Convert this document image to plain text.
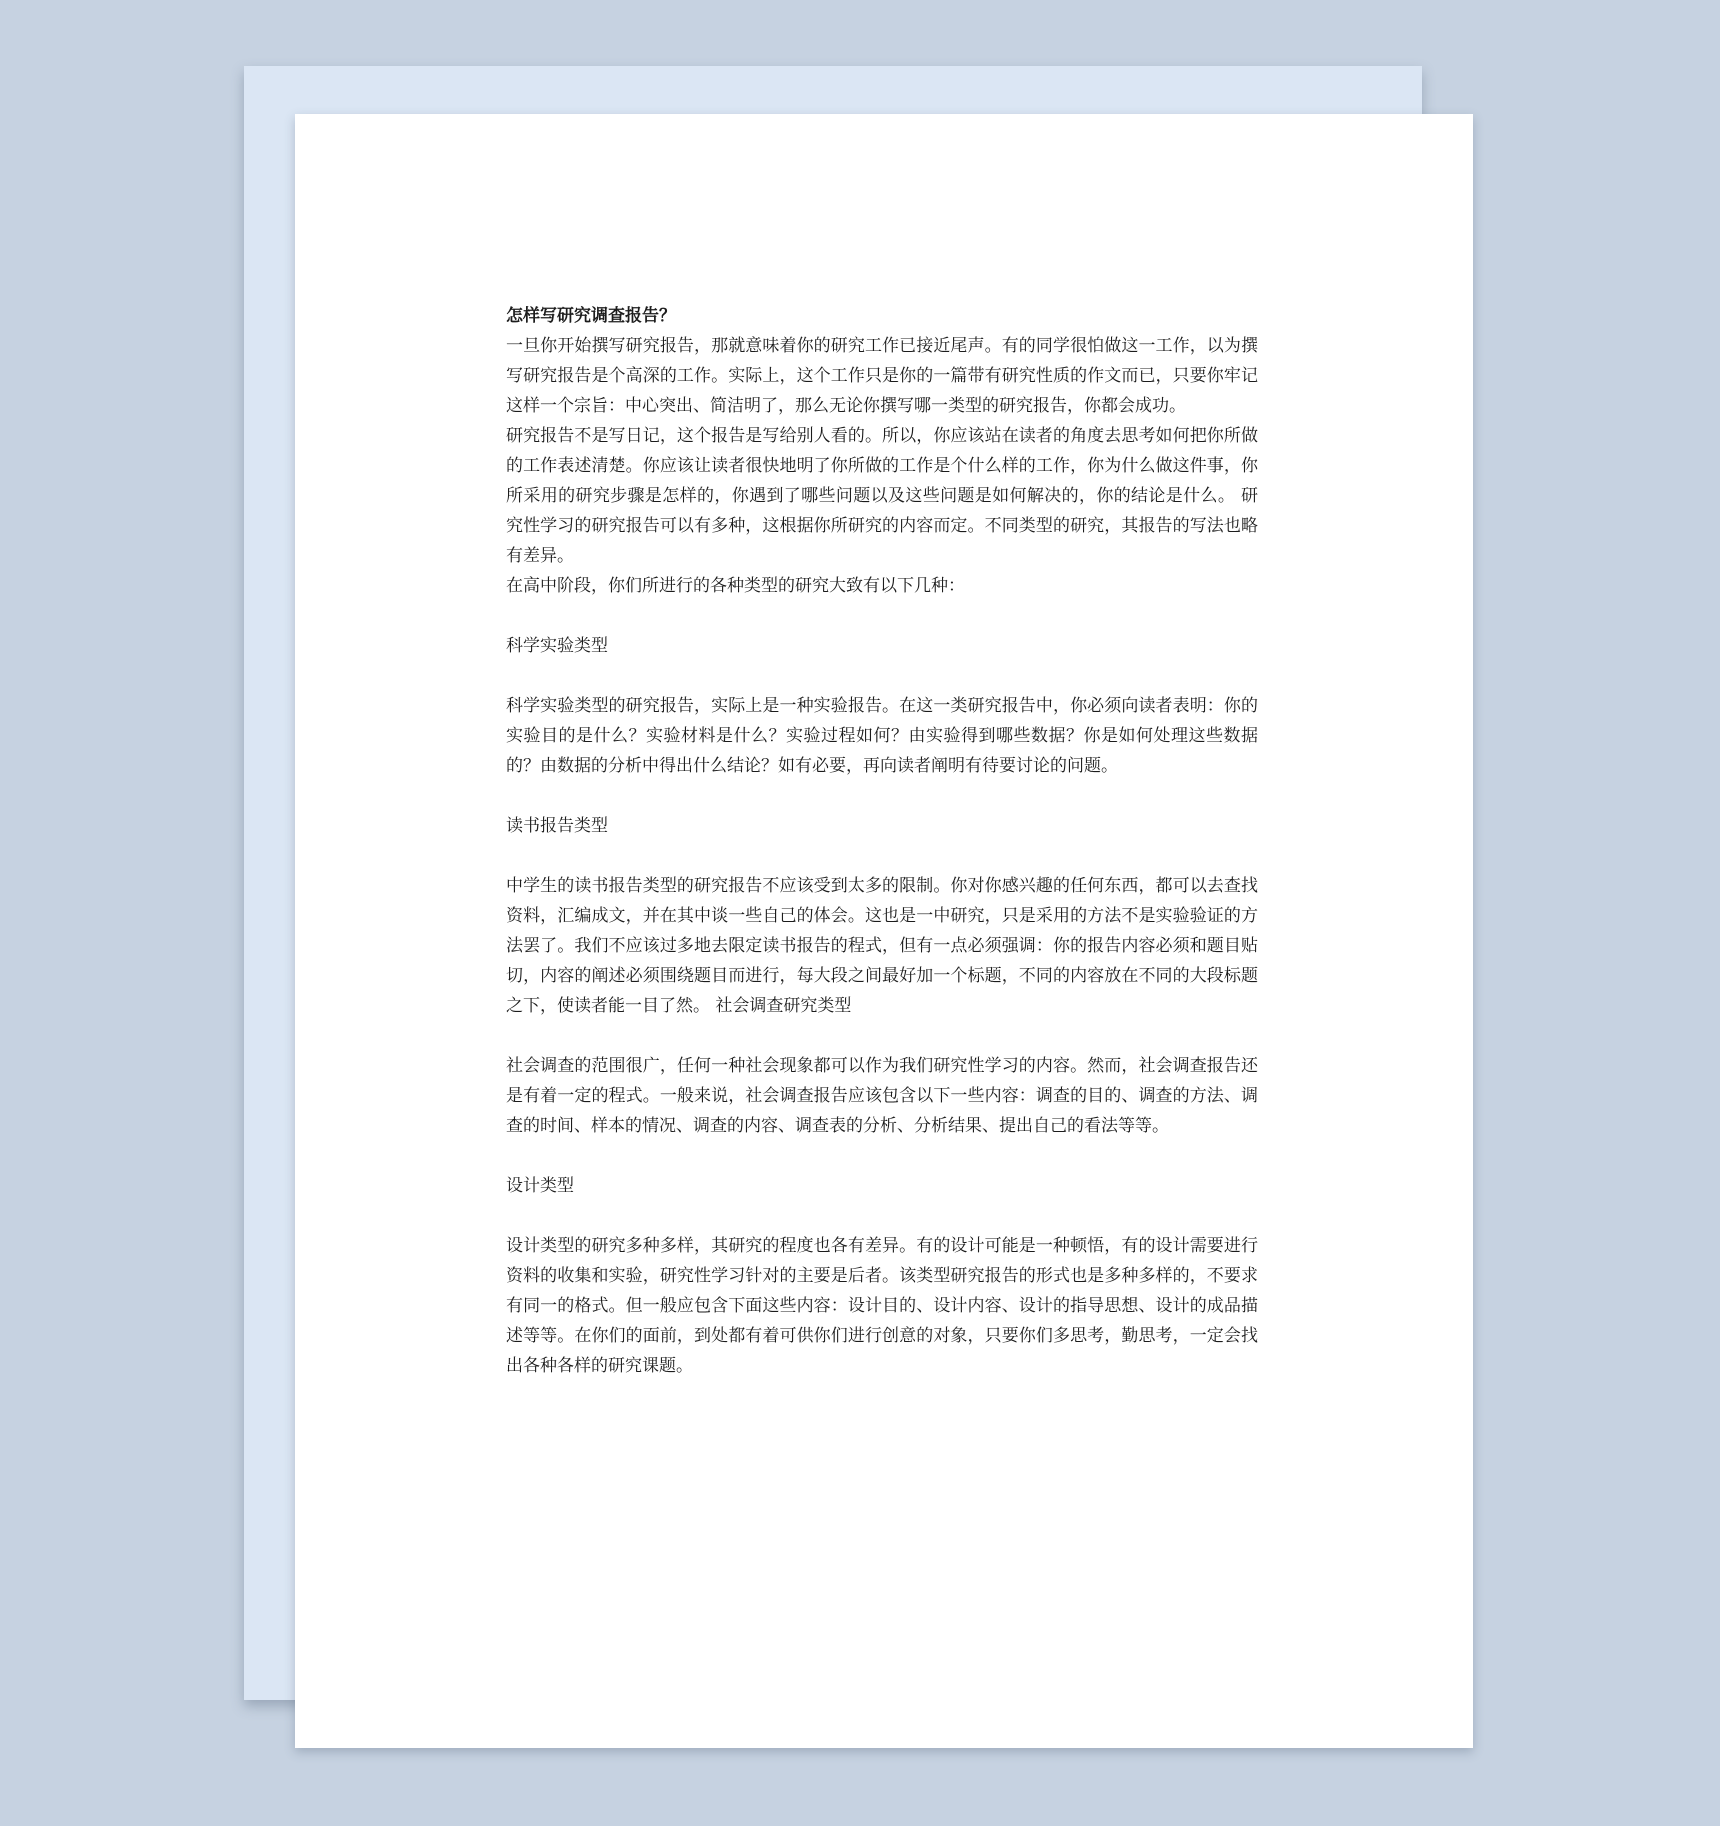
怎样写研究调查报告？

一旦你开始撰写研究报告，那就意味着你的研究工作已接近尾声。有的同学很怕做这一工作，以为撰写研究报告是个高深的工作。实际上，这个工作只是你的一篇带有研究性质的作文而已，只要你牢记这样一个宗旨：中心突出、简洁明了，那么无论你撰写哪一类型的研究报告，你都会成功。

研究报告不是写日记，这个报告是写给别人看的。所以，你应该站在读者的角度去思考如何把你所做的工作表述清楚。你应该让读者很快地明了你所做的工作是个什么样的工作，你为什么做这件事，你所采用的研究步骤是怎样的，你遇到了哪些问题以及这些问题是如何解决的，你的结论是什么。 研究性学习的研究报告可以有多种，这根据你所研究的内容而定。不同类型的研究，其报告的写法也略有差异。

在高中阶段，你们所进行的各种类型的研究大致有以下几种：

科学实验类型

科学实验类型的研究报告，实际上是一种实验报告。在这一类研究报告中，你必须向读者表明：你的实验目的是什么？实验材料是什么？实验过程如何？由实验得到哪些数据？你是如何处理这些数据的？由数据的分析中得出什么结论？如有必要，再向读者阐明有待要讨论的问题。

读书报告类型

中学生的读书报告类型的研究报告不应该受到太多的限制。你对你感兴趣的任何东西，都可以去查找资料，汇编成文，并在其中谈一些自己的体会。这也是一中研究，只是采用的方法不是实验验证的方法罢了。我们不应该过多地去限定读书报告的程式，但有一点必须强调：你的报告内容必须和题目贴切，内容的阐述必须围绕题目而进行，每大段之间最好加一个标题，不同的内容放在不同的大段标题之下，使读者能一目了然。 社会调查研究类型

社会调查的范围很广，任何一种社会现象都可以作为我们研究性学习的内容。然而，社会调查报告还是有着一定的程式。一般来说，社会调查报告应该包含以下一些内容：调查的目的、调查的方法、调查的时间、样本的情况、调查的内容、调查表的分析、分析结果、提出自己的看法等等。

设计类型

设计类型的研究多种多样，其研究的程度也各有差异。有的设计可能是一种顿悟，有的设计需要进行资料的收集和实验，研究性学习针对的主要是后者。该类型研究报告的形式也是多种多样的，不要求有同一的格式。但一般应包含下面这些内容：设计目的、设计内容、设计的指导思想、设计的成品描述等等。在你们的面前，到处都有着可供你们进行创意的对象，只要你们多思考，勤思考，一定会找出各种各样的研究课题。
